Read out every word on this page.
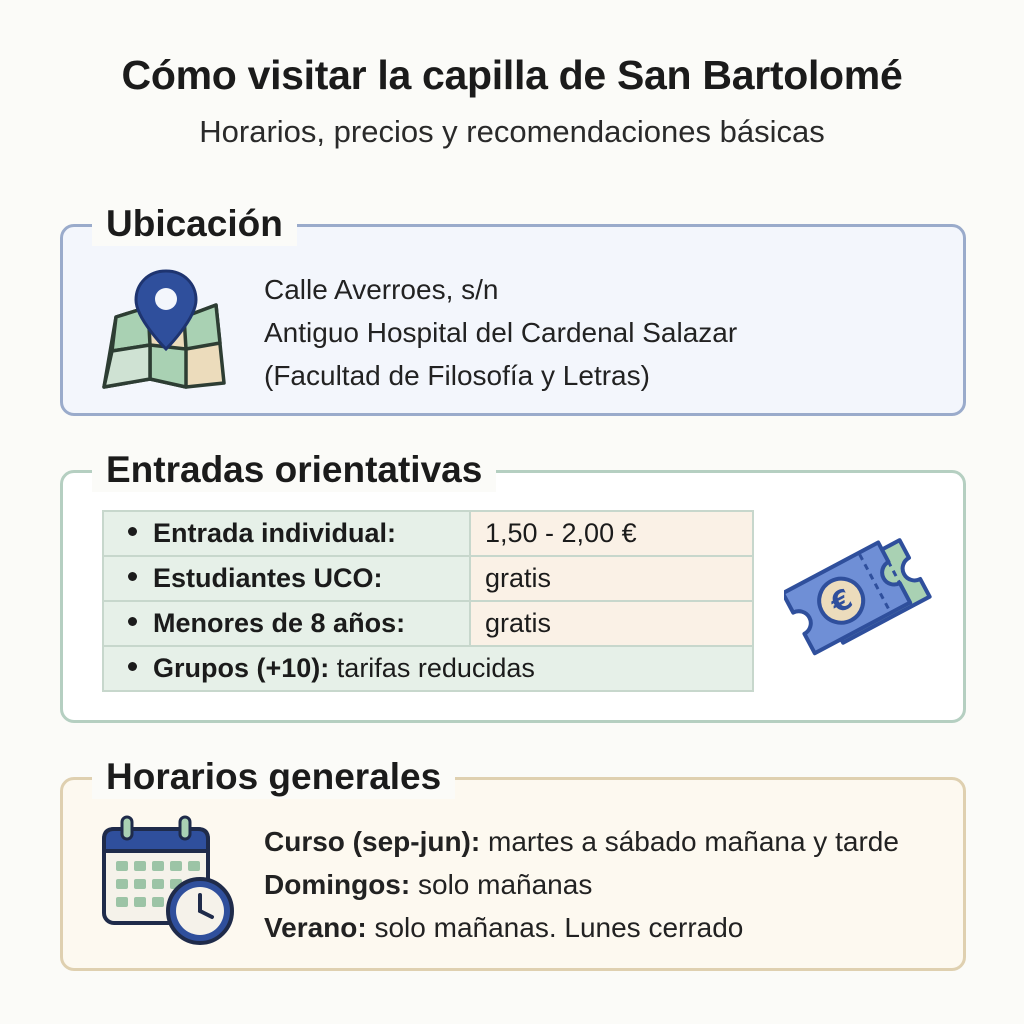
Cómo visitar la capilla de San Bartolomé
Horarios, precios y recomendaciones básicas
Ubicación
Calle Averroes, s/n
Antiguo Hospital del Cardenal Salazar
(Facultad de Filosofía y Letras)
Entradas orientativas
Entrada individual:	1,50 - 2,00 €
Estudiantes UCO:	gratis
Menores de 8 años:	gratis
Grupos (+10): tarifas reducidas	
€
Horarios generales
Curso (sep-jun): martes a sábado mañana y tarde
Domingos: solo mañanas
Verano: solo mañanas. Lunes cerrado
